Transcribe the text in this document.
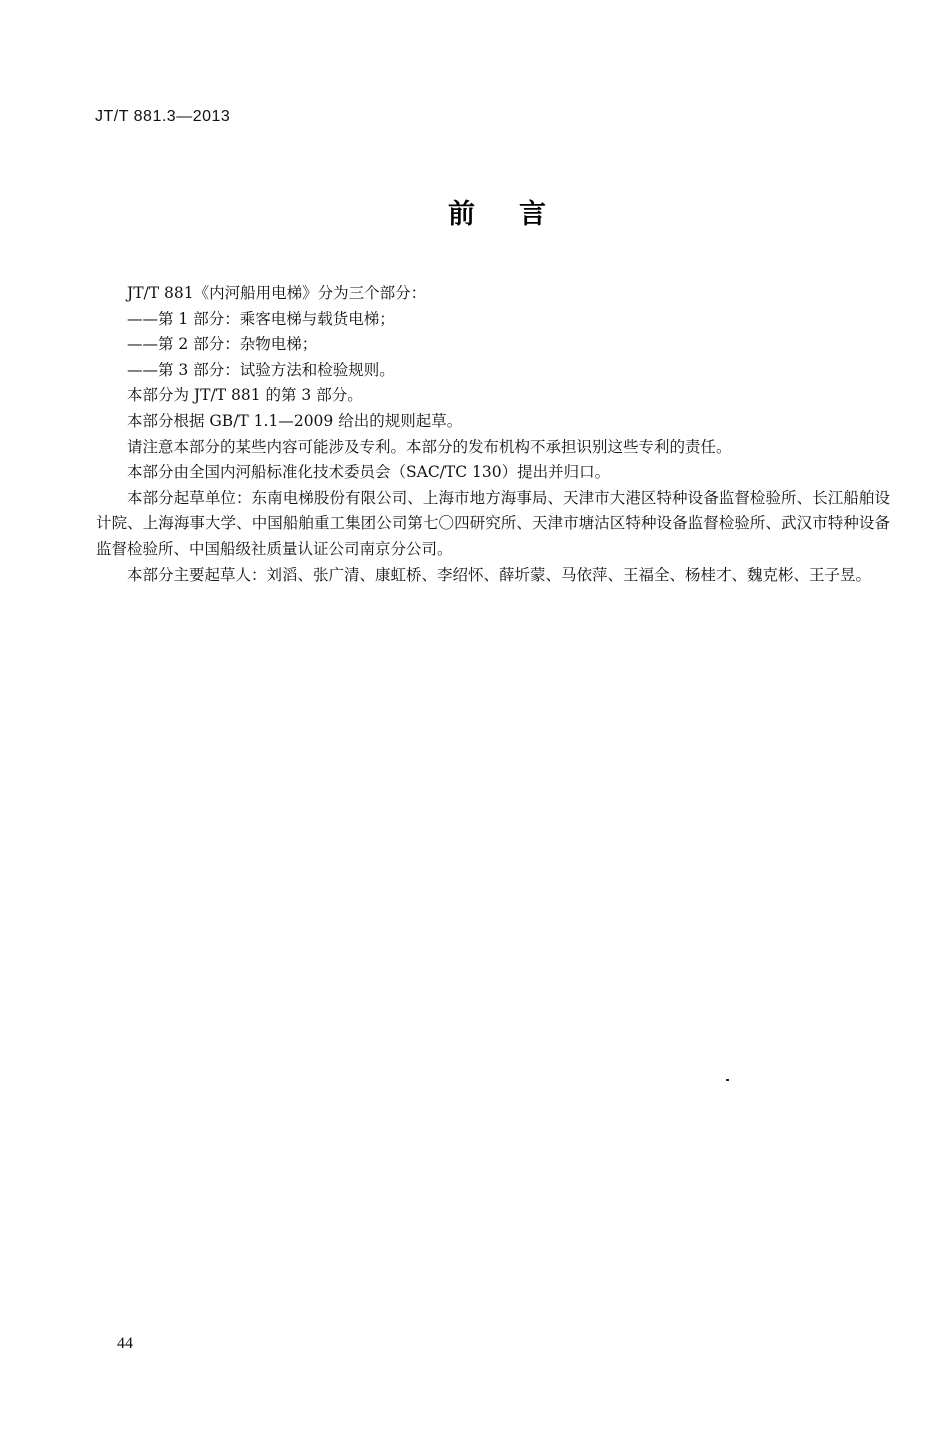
JT/T 881.3—2013
前言

JT/T 881《内河船用电梯》分为三个部分：

——第 1 部分：乘客电梯与载货电梯；

——第 2 部分：杂物电梯；

——第 3 部分：试验方法和检验规则。

本部分为 JT/T 881 的第 3 部分。

本部分根据 GB/T 1.1—2009 给出的规则起草。

请注意本部分的某些内容可能涉及专利。本部分的发布机构不承担识别这些专利的责任。

本部分由全国内河船标准化技术委员会（SAC/TC 130）提出并归口。

本部分起草单位：东南电梯股份有限公司、上海市地方海事局、天津市大港区特种设备监督检验所、长江船舶设计院、上海海事大学、中国船舶重工集团公司第七〇四研究所、天津市塘沽区特种设备监督检验所、武汉市特种设备监督检验所、中国船级社质量认证公司南京分公司。

本部分主要起草人：刘滔、张广清、康虹桥、李绍怀、薛圻蒙、马依萍、王福全、杨桂才、魏克彬、王子昱。

44
